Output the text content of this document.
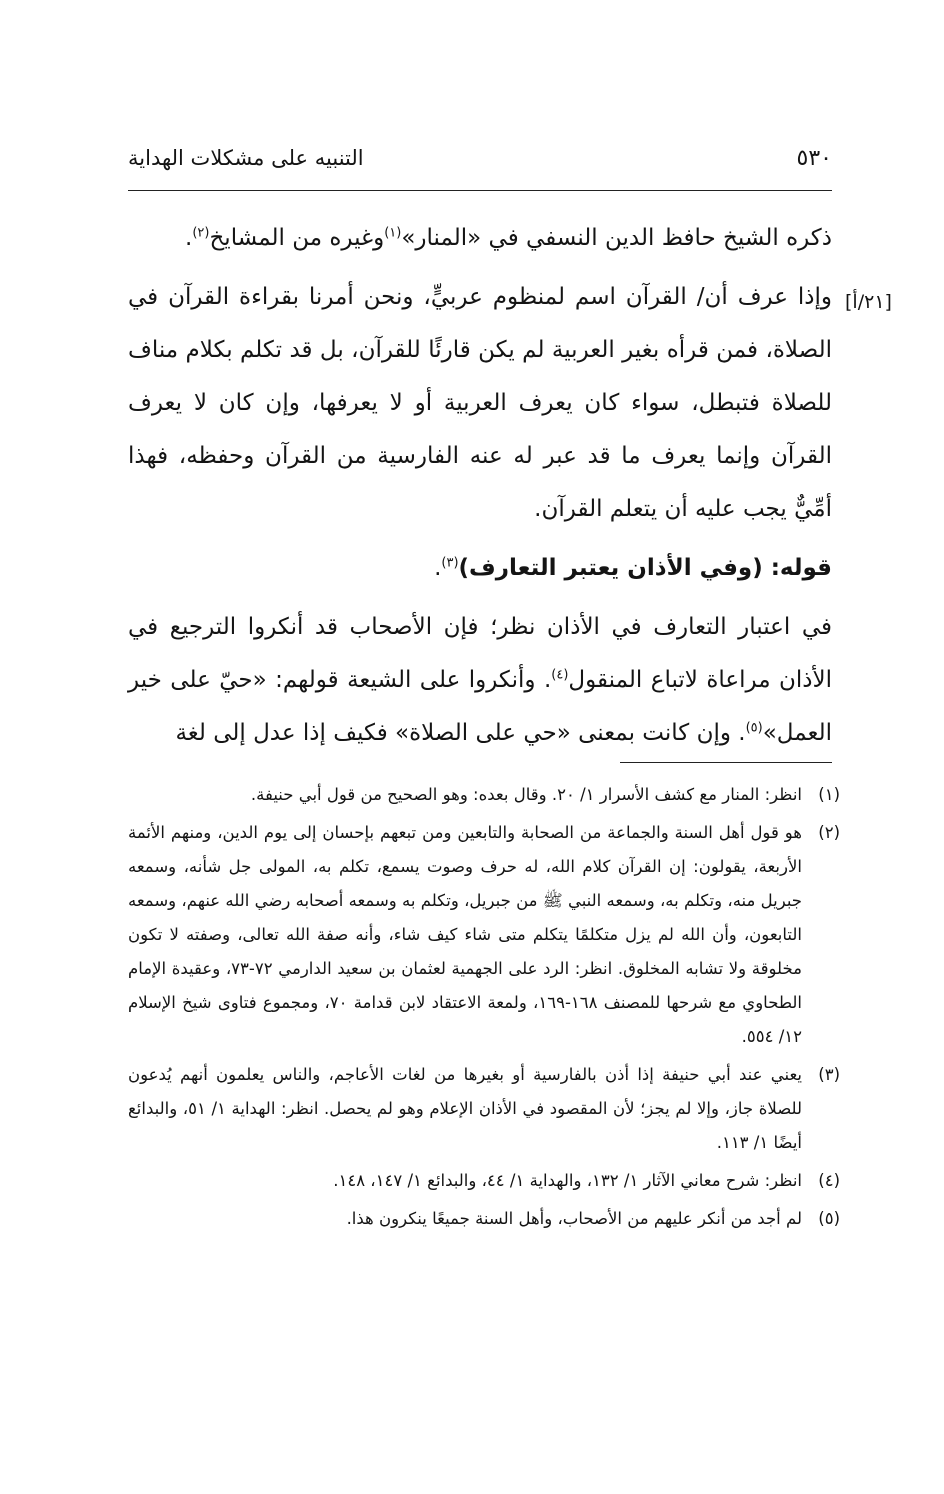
٥٣٠
التنبيه على مشكلات الهداية
[٢١/أ]

ذكره الشيخ حافظ الدين النسفي في «المنار»$^{(١)}$وغيره من المشايخ$^{(٢)}$.

وإذا عرف أن/ القرآن اسم لمنظوم عربيٍّ، ونحن أمرنا بقراءة القرآن في الصلاة، فمن قرأه بغير العربية لم يكن قارئًا للقرآن، بل قد تكلم بكلام مناف للصلاة فتبطل، سواء كان يعرف العربية أو لا يعرفها، وإن كان لا يعرف القرآن وإنما يعرف ما قد عبر له عنه الفارسية من القرآن وحفظه، فهذا أمِّيٌّ يجب عليه أن يتعلم القرآن.

قوله: (وفي الأذان يعتبر التعارف)$^{(٣)}$.

في اعتبار التعارف في الأذان نظر؛ فإن الأصحاب قد أنكروا الترجيع في الأذان مراعاة لاتباع المنقول$^{(٤)}$. وأنكروا على الشيعة قولهم: «حيّ على خير العمل»$^{(٥)}$. وإن كانت بمعنى «حي على الصلاة» فكيف إذا عدل إلى لغة

(١)
انظر: المنار مع كشف الأسرار ١/ ٢٠. وقال بعده: وهو الصحيح من قول أبي حنيفة.
(٢)
هو قول أهل السنة والجماعة من الصحابة والتابعين ومن تبعهم بإحسان إلى يوم الدين، ومنهم الأئمة الأربعة، يقولون: إن القرآن كلام الله، له حرف وصوت يسمع، تكلم به، المولى جل شأنه، وسمعه جبريل منه، وتكلم به، وسمعه النبي ﷺ من جبريل، وتكلم به وسمعه أصحابه رضي الله عنهم، وسمعه التابعون، وأن الله لم يزل متكلمًا يتكلم متى شاء كيف شاء، وأنه صفة الله تعالى، وصفته لا تكون مخلوقة ولا تشابه المخلوق. انظر: الرد على الجهمية لعثمان بن سعيد الدارمي ٧٢-٧٣، وعقيدة الإمام الطحاوي مع شرحها للمصنف ١٦٨-١٦٩، ولمعة الاعتقاد لابن قدامة ٧٠، ومجموع فتاوى شيخ الإسلام ١٢/ ٥٥٤.
(٣)
يعني عند أبي حنيفة إذا أذن بالفارسية أو بغيرها من لغات الأعاجم، والناس يعلمون أنهم يُدعون للصلاة جاز، وإلا لم يجز؛ لأن المقصود في الأذان الإعلام وهو لم يحصل. انظر: الهداية ١/ ٥١، والبدائع أيضًا ١/ ١١٣.
(٤)
انظر: شرح معاني الآثار ١/ ١٣٢، والهداية ١/ ٤٤، والبدائع ١/ ١٤٧، ١٤٨.
(٥)
لم أجد من أنكر عليهم من الأصحاب، وأهل السنة جميعًا ينكرون هذا.
